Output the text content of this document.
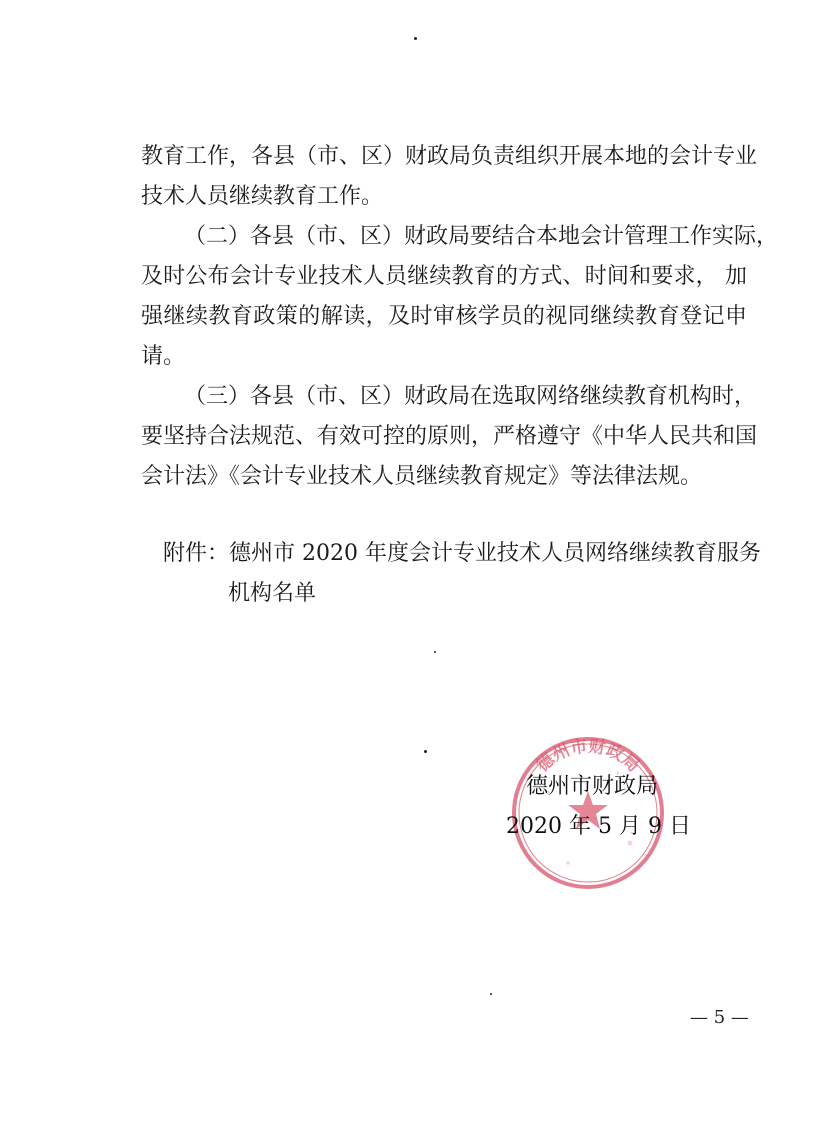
教育工作，各县（市、区）财政局负责组织开展本地的会计专业
技术人员继续教育工作。
（二）各县（市、区）财政局要结合本地会计管理工作实际，
及时公布会计专业技术人员继续教育的方式、时间和要求， 加
强继续教育政策的解读，及时审核学员的视同继续教育登记申
请。
（三）各县（市、区）财政局在选取网络继续教育机构时，
要坚持合法规范、有效可控的原则，严格遵守《中华人民共和国
会计法》《会计专业技术人员继续教育规定》等法律法规。
附件：德州市 2020 年度会计专业技术人员网络继续教育服务
机构名单
德州市财政局
德州市财政局
2020 年 5 月 9 日
— 5 —
